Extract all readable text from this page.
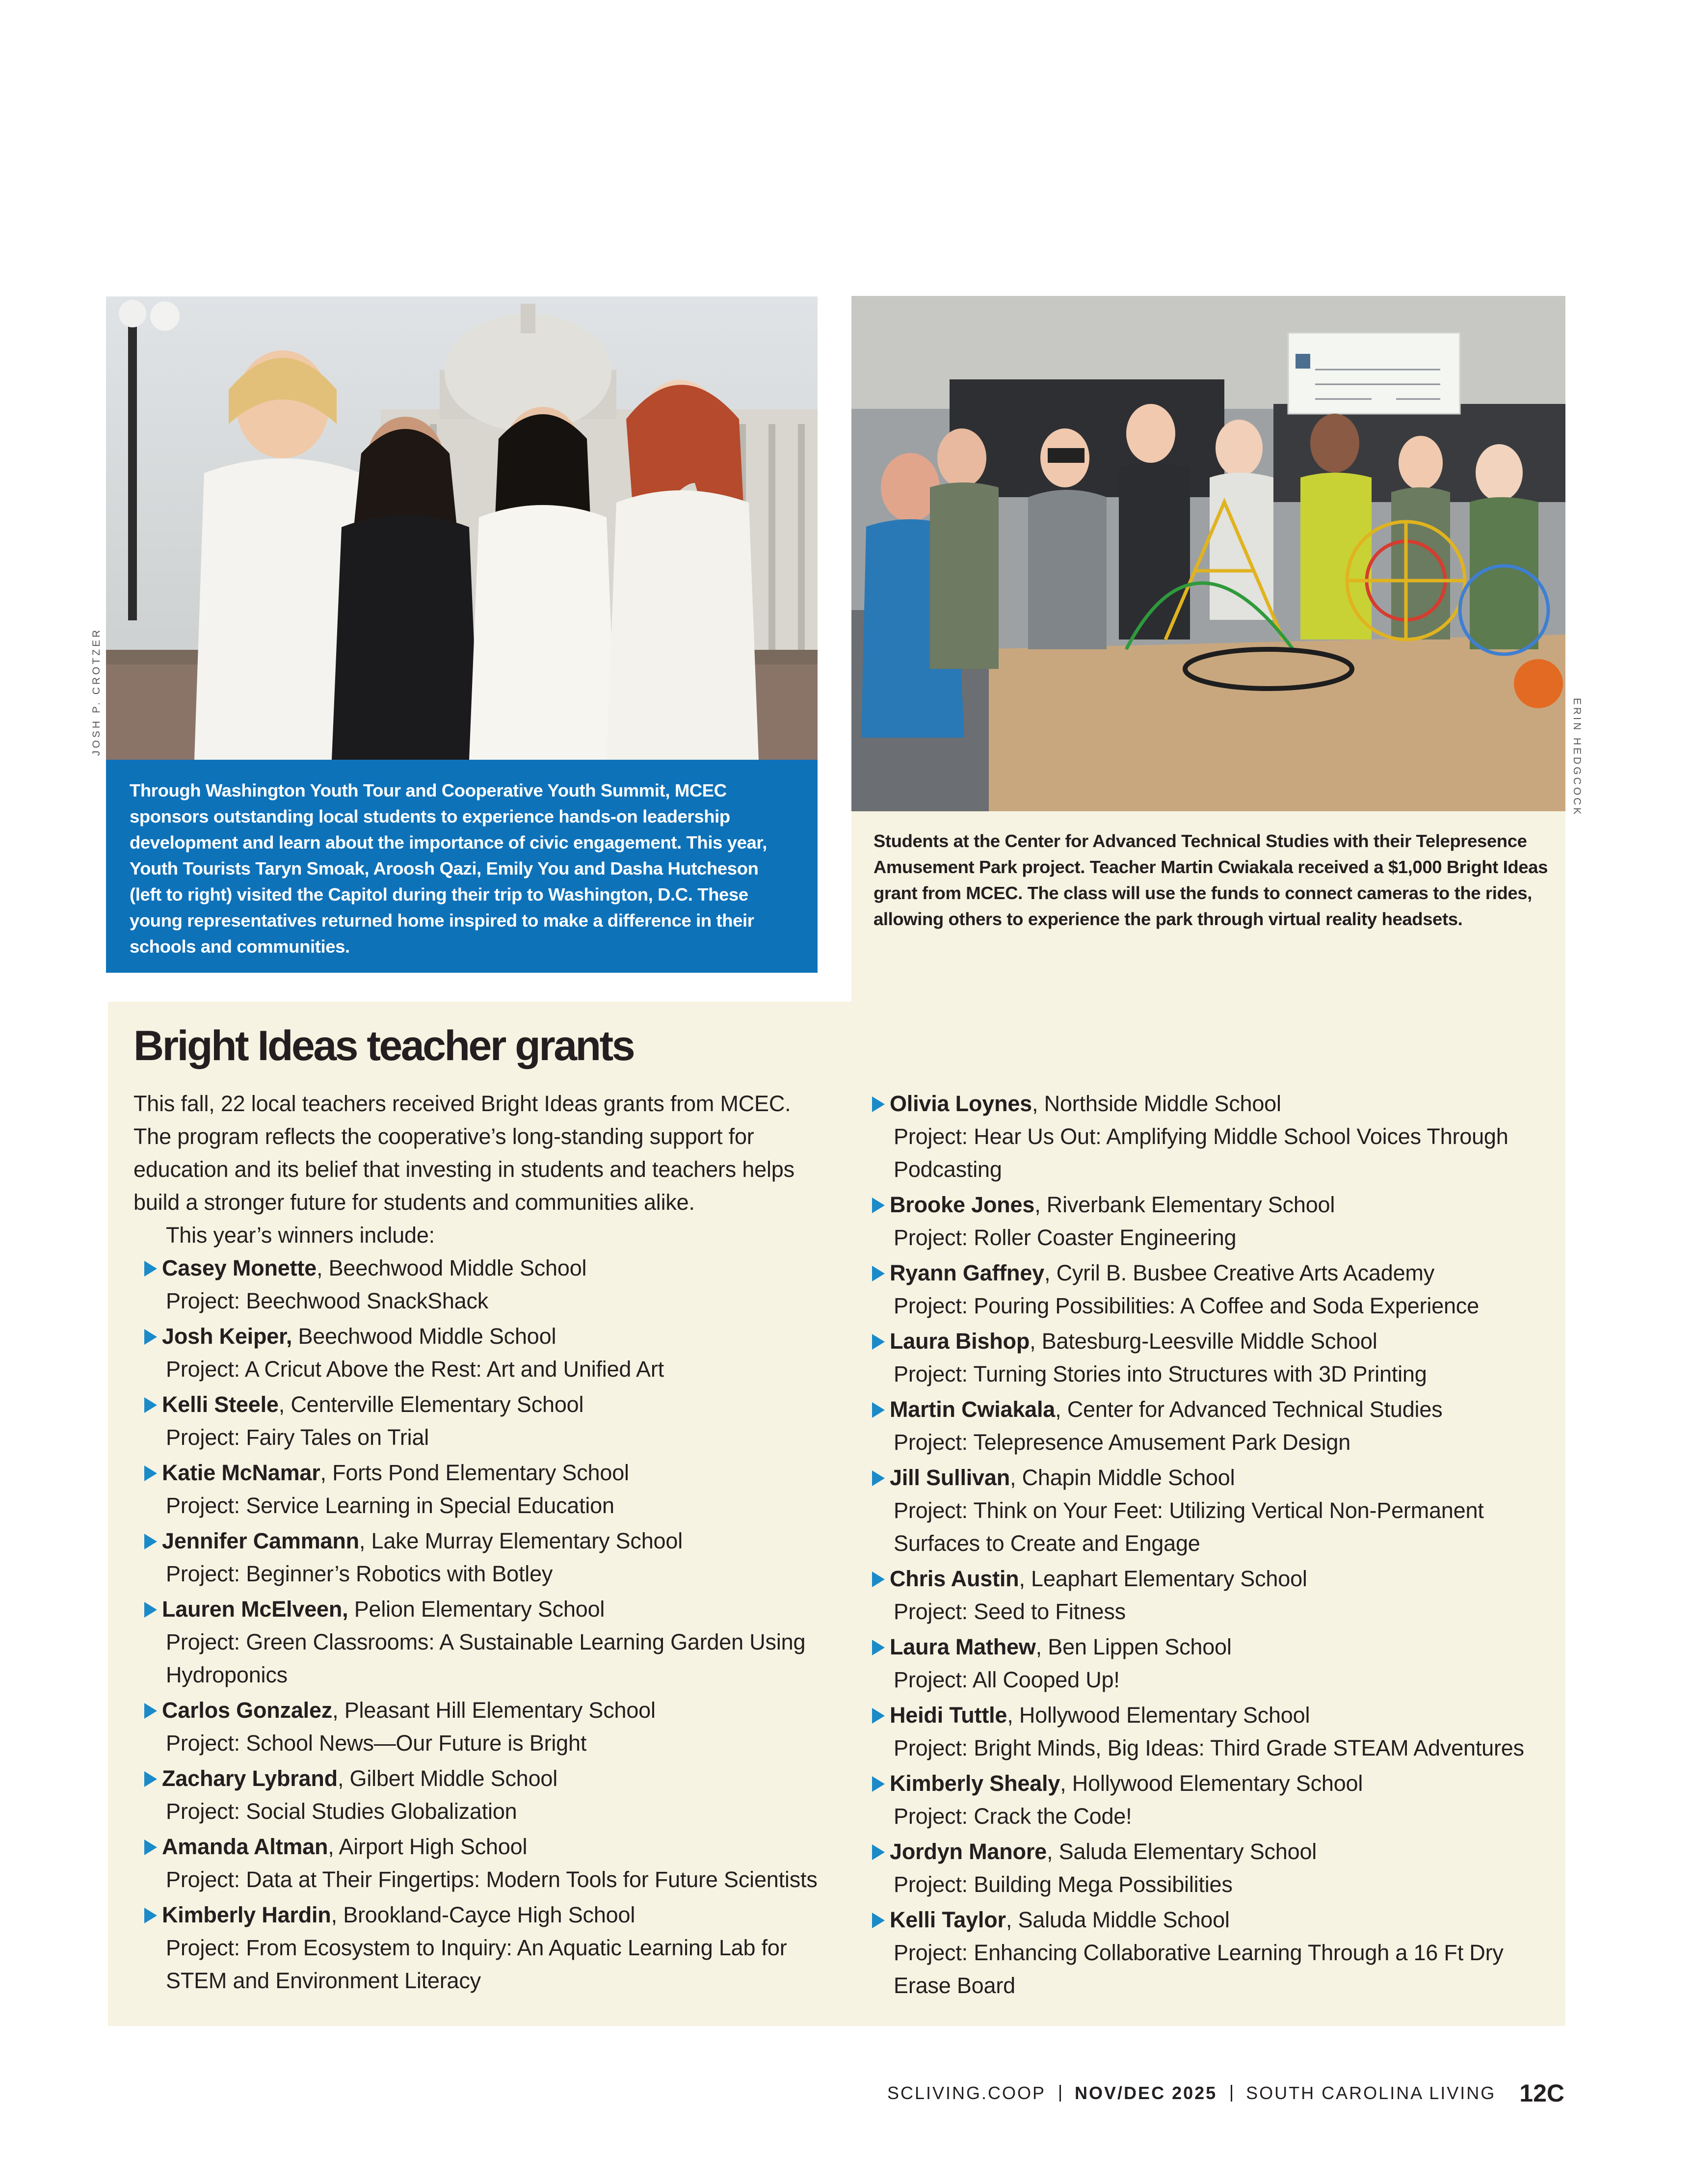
JOSH P. CROTZER
ERIN HEDGCOCK
Through Washington Youth Tour and Cooperative Youth Summit, MCEC sponsors outstanding local students to experience hands-on leadership development and learn about the importance of civic engagement. This year, Youth Tourists Taryn Smoak, Aroosh Qazi, Emily You and Dasha Hutcheson (left to right) visited the Capitol during their trip to Washington, D.C. These young representatives returned home inspired to make a difference in their schools and communities.
Students at the Center for Advanced Technical Studies with their Telepresence Amusement Park project. Teacher Martin Cwiakala received a $1,000 Bright Ideas grant from MCEC. The class will use the funds to connect cameras to the rides, allowing others to experience the park through virtual reality headsets.
Bright Ideas teacher grants

This fall, 22 local teachers received Bright Ideas grants from MCEC. The program reflects the cooperative’s long-standing support for education and its belief that investing in students and teachers helps build a stronger future for students and communities alike.

This year’s winners include:

Casey Monette, Beechwood Middle School
Project: Beechwood SnackShack
Josh Keiper, Beechwood Middle School
Project: A Cricut Above the Rest: Art and Unified Art
Kelli Steele, Centerville Elementary School
Project: Fairy Tales on Trial
Katie McNamar, Forts Pond Elementary School
Project: Service Learning in Special Education
Jennifer Cammann, Lake Murray Elementary School
Project: Beginner’s Robotics with Botley
Lauren McElveen, Pelion Elementary School
Project: Green Classrooms: A Sustainable Learning Garden Using Hydroponics
Carlos Gonzalez, Pleasant Hill Elementary School
Project: School News—Our Future is Bright
Zachary Lybrand, Gilbert Middle School
Project: Social Studies Globalization
Amanda Altman, Airport High School
Project: Data at Their Fingertips: Modern Tools for Future Scientists
Kimberly Hardin, Brookland-Cayce High School
Project: From Ecosystem to Inquiry: An Aquatic Learning Lab for STEM and Environment Literacy
Olivia Loynes, Northside Middle School
Project: Hear Us Out: Amplifying Middle School Voices Through Podcasting
Brooke Jones, Riverbank Elementary School
Project: Roller Coaster Engineering
Ryann Gaffney, Cyril B. Busbee Creative Arts Academy
Project: Pouring Possibilities: A Coffee and Soda Experience
Laura Bishop, Batesburg-Leesville Middle School
Project: Turning Stories into Structures with 3D Printing
Martin Cwiakala, Center for Advanced Technical Studies
Project: Telepresence Amusement Park Design
Jill Sullivan, Chapin Middle School
Project: Think on Your Feet: Utilizing Vertical Non-Permanent Surfaces to Create and Engage
Chris Austin, Leaphart Elementary School
Project: Seed to Fitness
Laura Mathew, Ben Lippen School
Project: All Cooped Up!
Heidi Tuttle, Hollywood Elementary School
Project: Bright Minds, Big Ideas: Third Grade STEAM Adventures
Kimberly Shealy, Hollywood Elementary School
Project: Crack the Code!
Jordyn Manore, Saluda Elementary School
Project: Building Mega Possibilities
Kelli Taylor, Saluda Middle School
Project: Enhancing Collaborative Learning Through a 16 Ft Dry Erase Board
SCLIVING.COOP NOV/DEC 2025 SOUTH CAROLINA LIVING 12C
